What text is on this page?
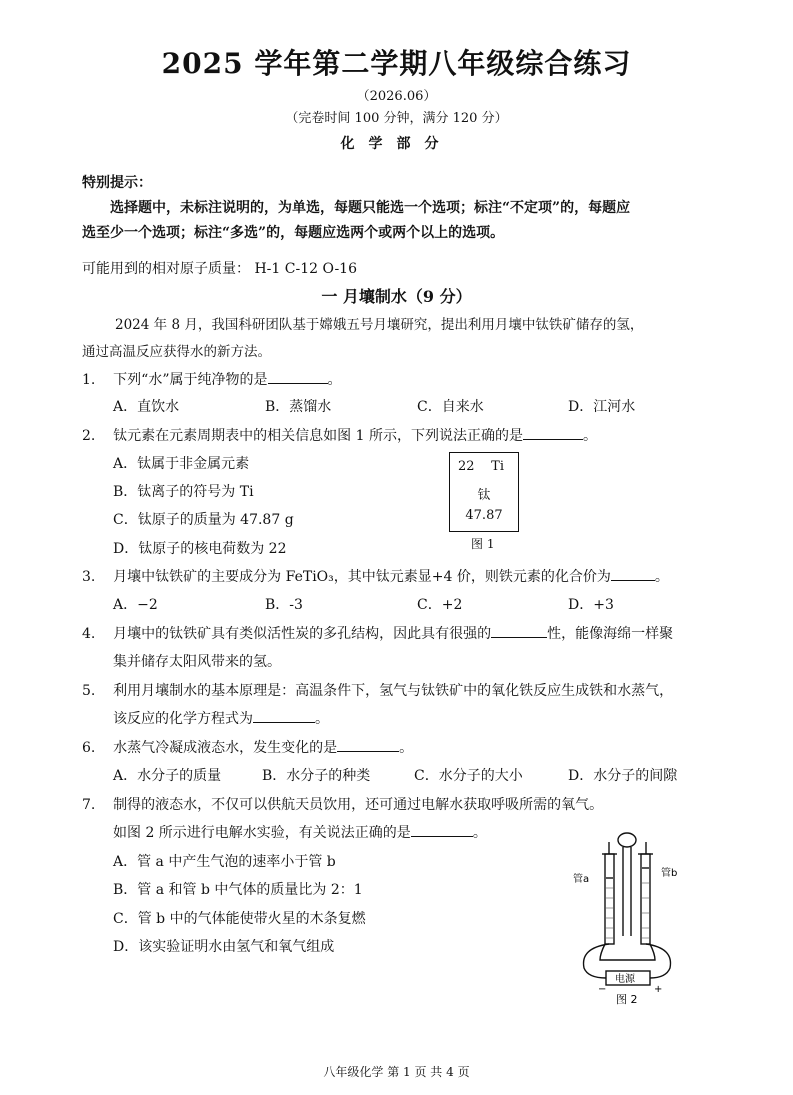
2025 学年第二学期八年级综合练习
（2026.06）
（完卷时间 100 分钟，满分 120 分）
化学部分
特别提示：
选择题中，未标注说明的，为单选，每题只能选一个选项；标注“不定项”的，每题应
选至少一个选项；标注“多选”的，每题应选两个或两个以上的选项。
可能用到的相对原子质量： H-1 C-12 O-16
一 月壤制水（9 分）
2024 年 8 月，我国科研团队基于嫦娥五号月壤研究，提出利用月壤中钛铁矿储存的氢，
通过高温反应获得水的新方法。
1. 下列“水”属于纯净物的是	。
A．直饮水	B．蒸馏水	C．自来水	D．江河水
2. 钛元素在元素周期表中的相关信息如图 1 所示，下列说法正确的是	。
A．钛属于非金属元素
B．钛离子的符号为 Ti
C．钛原子的质量为 47.87 g
D．钛原子的核电荷数为 22
22	Ti
钛
47.87
图 1
3. 月壤中钛铁矿的主要成分为 FeTiO₃，其中钛元素显+4 价，则铁元素的化合价为	。
A．−2	B．-3	C．+2	D．+3
4. 月壤中的钛铁矿具有类似活性炭的多孔结构，因此具有很强的	性，能像海绵一样聚
集并储存太阳风带来的氢。
5. 利用月壤制水的基本原理是：高温条件下，氢气与钛铁矿中的氧化铁反应生成铁和水蒸气，
该反应的化学方程式为	。
6. 水蒸气冷凝成液态水，发生变化的是	。
A．水分子的质量	B．水分子的种类	C．水分子的大小	D．水分子的间隙
7. 制得的液态水，不仅可以供航天员饮用，还可通过电解水获取呼吸所需的氧气。
如图 2 所示进行电解水实验，有关说法正确的是	。
A．管 a 中产生气泡的速率小于管 b
B．管 a 和管 b 中气体的质量比为 2：1
C．管 b 中的气体能使带火星的木条复燃
D．该实验证明水由氢气和氧气组成
管a
管b
电源
−	+
图 2
八年级化学 第 1 页 共 4 页
